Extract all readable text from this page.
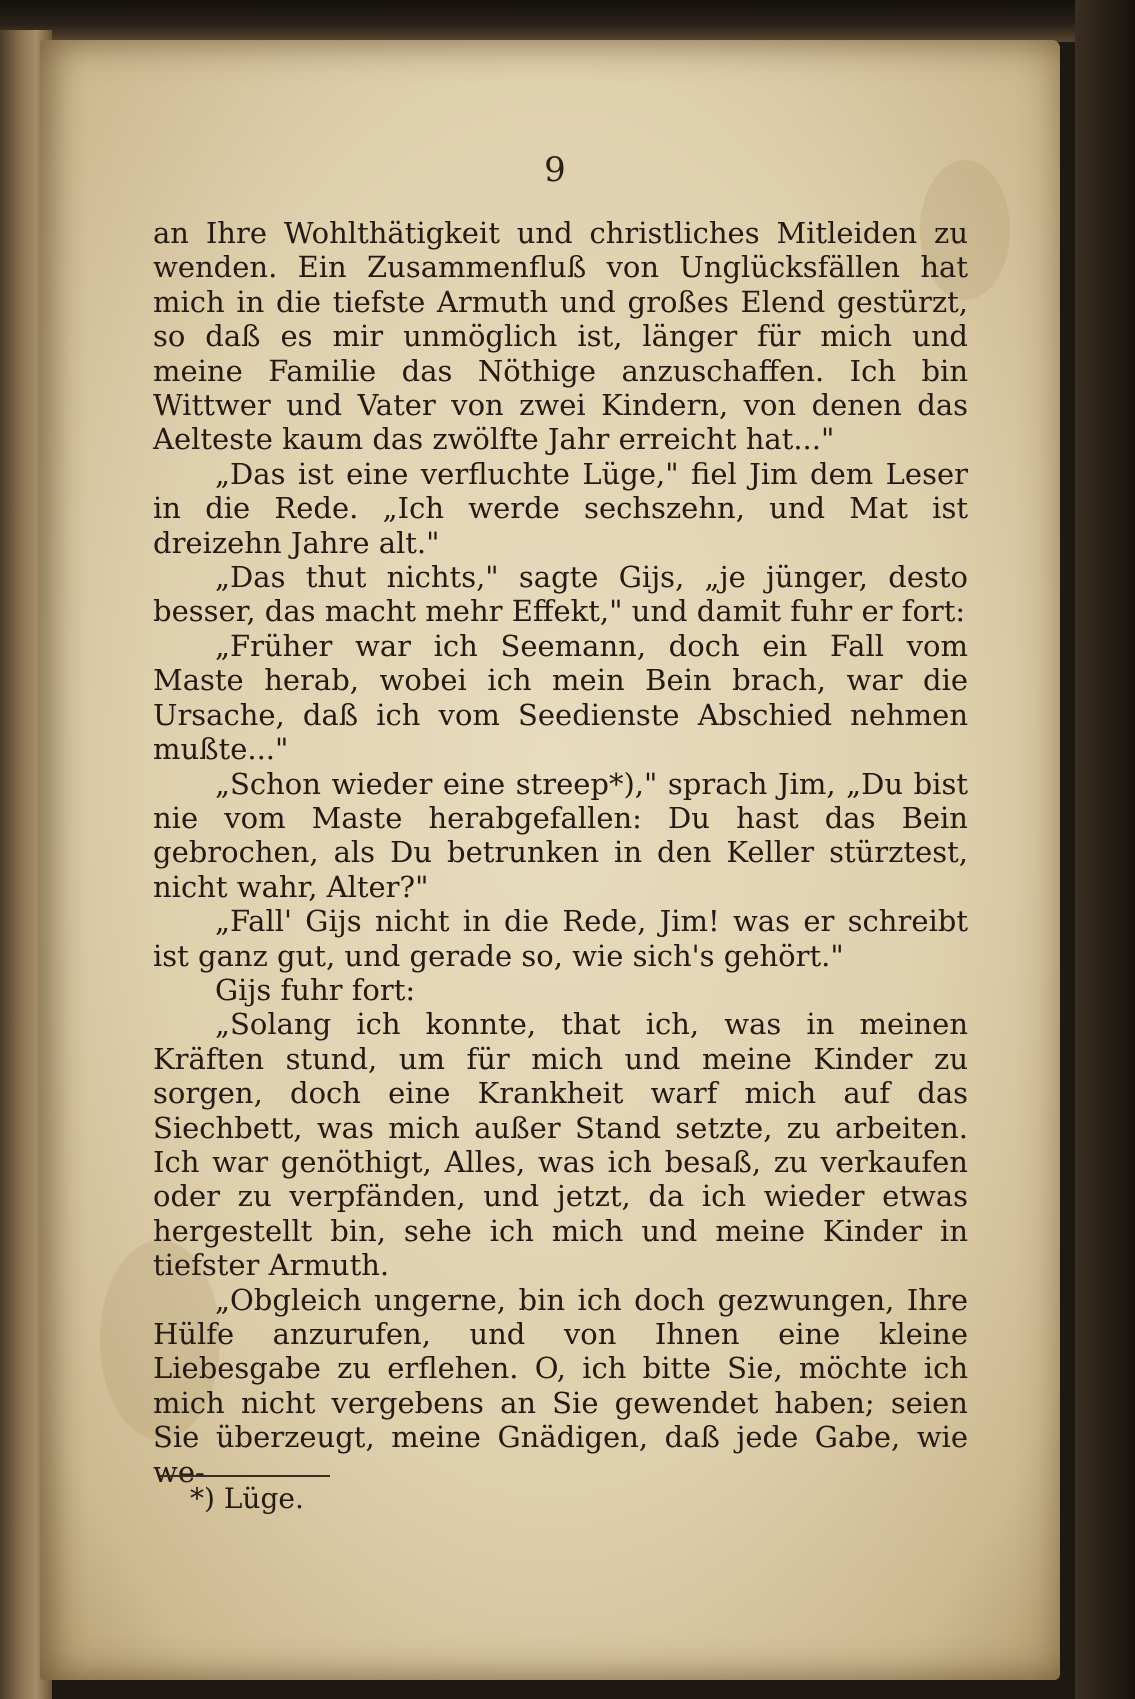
9

an Ihre Wohlthätigkeit und christliches Mitleiden zu wenden. Ein Zusammenfluß von Unglücksfällen hat mich in die tiefste Armuth und großes Elend gestürzt, so daß es mir unmöglich ist, länger für mich und meine Familie das Nöthige anzuschaffen. Ich bin Wittwer und Vater von zwei Kindern, von denen das Aelteste kaum das zwölfte Jahr erreicht hat..."

„Das ist eine verfluchte Lüge," fiel Jim dem Leser in die Rede. „Ich werde sechszehn, und Mat ist dreizehn Jahre alt."

„Das thut nichts," sagte Gijs, „je jünger, desto besser, das macht mehr Effekt," und damit fuhr er fort:

„Früher war ich Seemann, doch ein Fall vom Maste herab, wobei ich mein Bein brach, war die Ursache, daß ich vom Seedienste Abschied nehmen mußte..."

„Schon wieder eine streep*)," sprach Jim, „Du bist nie vom Maste herabgefallen: Du hast das Bein gebrochen, als Du betrunken in den Keller stürztest, nicht wahr, Alter?"

„Fall' Gijs nicht in die Rede, Jim! was er schreibt ist ganz gut, und gerade so, wie sich's gehört."

Gijs fuhr fort:

„Solang ich konnte, that ich, was in meinen Kräften stund, um für mich und meine Kinder zu sorgen, doch eine Krankheit warf mich auf das Siechbett, was mich außer Stand setzte, zu arbeiten. Ich war genöthigt, Alles, was ich besaß, zu verkaufen oder zu verpfänden, und jetzt, da ich wieder etwas hergestellt bin, sehe ich mich und meine Kinder in tiefster Armuth.

„Obgleich ungerne, bin ich doch gezwungen, Ihre Hülfe anzurufen, und von Ihnen eine kleine Liebesgabe zu erflehen. O, ich bitte Sie, möchte ich mich nicht vergebens an Sie gewendet haben; seien Sie überzeugt, meine Gnädigen, daß jede Gabe, wie we-

*) Lüge.
